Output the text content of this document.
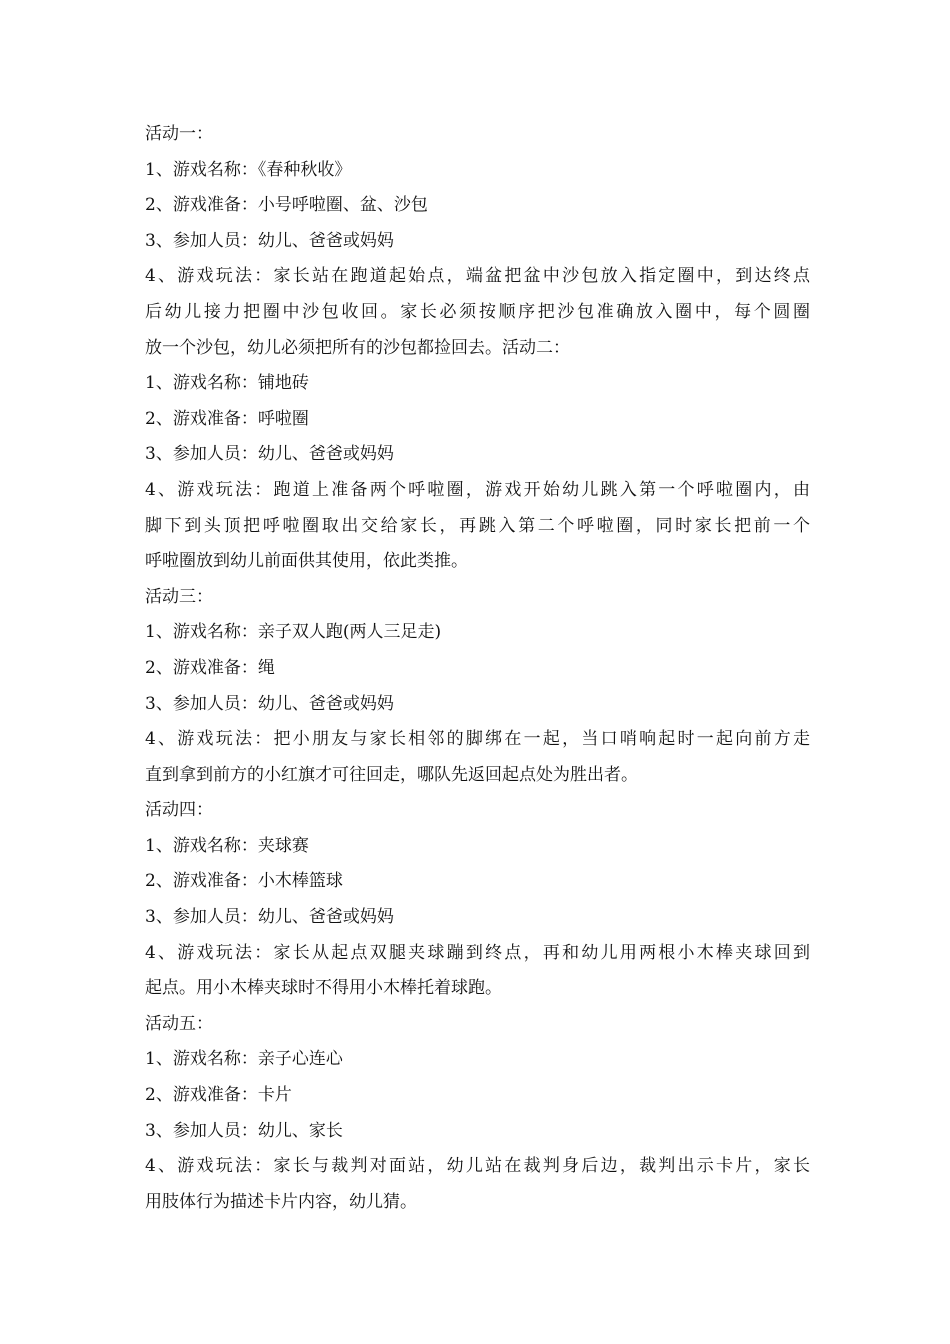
活动一：
1、游戏名称：《春种秋收》
2、游戏准备：小号呼啦圈、盆、沙包
3、参加人员：幼儿、爸爸或妈妈
4、游戏玩法：家长站在跑道起始点，端盆把盆中沙包放入指定圈中，到达终点
后幼儿接力把圈中沙包收回。家长必须按顺序把沙包准确放入圈中，每个圆圈
放一个沙包，幼儿必须把所有的沙包都捡回去。活动二：
1、游戏名称：铺地砖
2、游戏准备：呼啦圈
3、参加人员：幼儿、爸爸或妈妈
4、游戏玩法：跑道上准备两个呼啦圈，游戏开始幼儿跳入第一个呼啦圈内，由
脚下到头顶把呼啦圈取出交给家长，再跳入第二个呼啦圈，同时家长把前一个
呼啦圈放到幼儿前面供其使用，依此类推。
活动三：
1、游戏名称：亲子双人跑(两人三足走)
2、游戏准备：绳
3、参加人员：幼儿、爸爸或妈妈
4、游戏玩法：把小朋友与家长相邻的脚绑在一起，当口哨响起时一起向前方走
直到拿到前方的小红旗才可往回走，哪队先返回起点处为胜出者。
活动四：
1、游戏名称：夹球赛
2、游戏准备：小木棒篮球
3、参加人员：幼儿、爸爸或妈妈
4、游戏玩法：家长从起点双腿夹球蹦到终点，再和幼儿用两根小木棒夹球回到
起点。用小木棒夹球时不得用小木棒托着球跑。
活动五：
1、游戏名称：亲子心连心
2、游戏准备：卡片
3、参加人员：幼儿、家长
4、游戏玩法：家长与裁判对面站，幼儿站在裁判身后边，裁判出示卡片，家长
用肢体行为描述卡片内容，幼儿猜。
